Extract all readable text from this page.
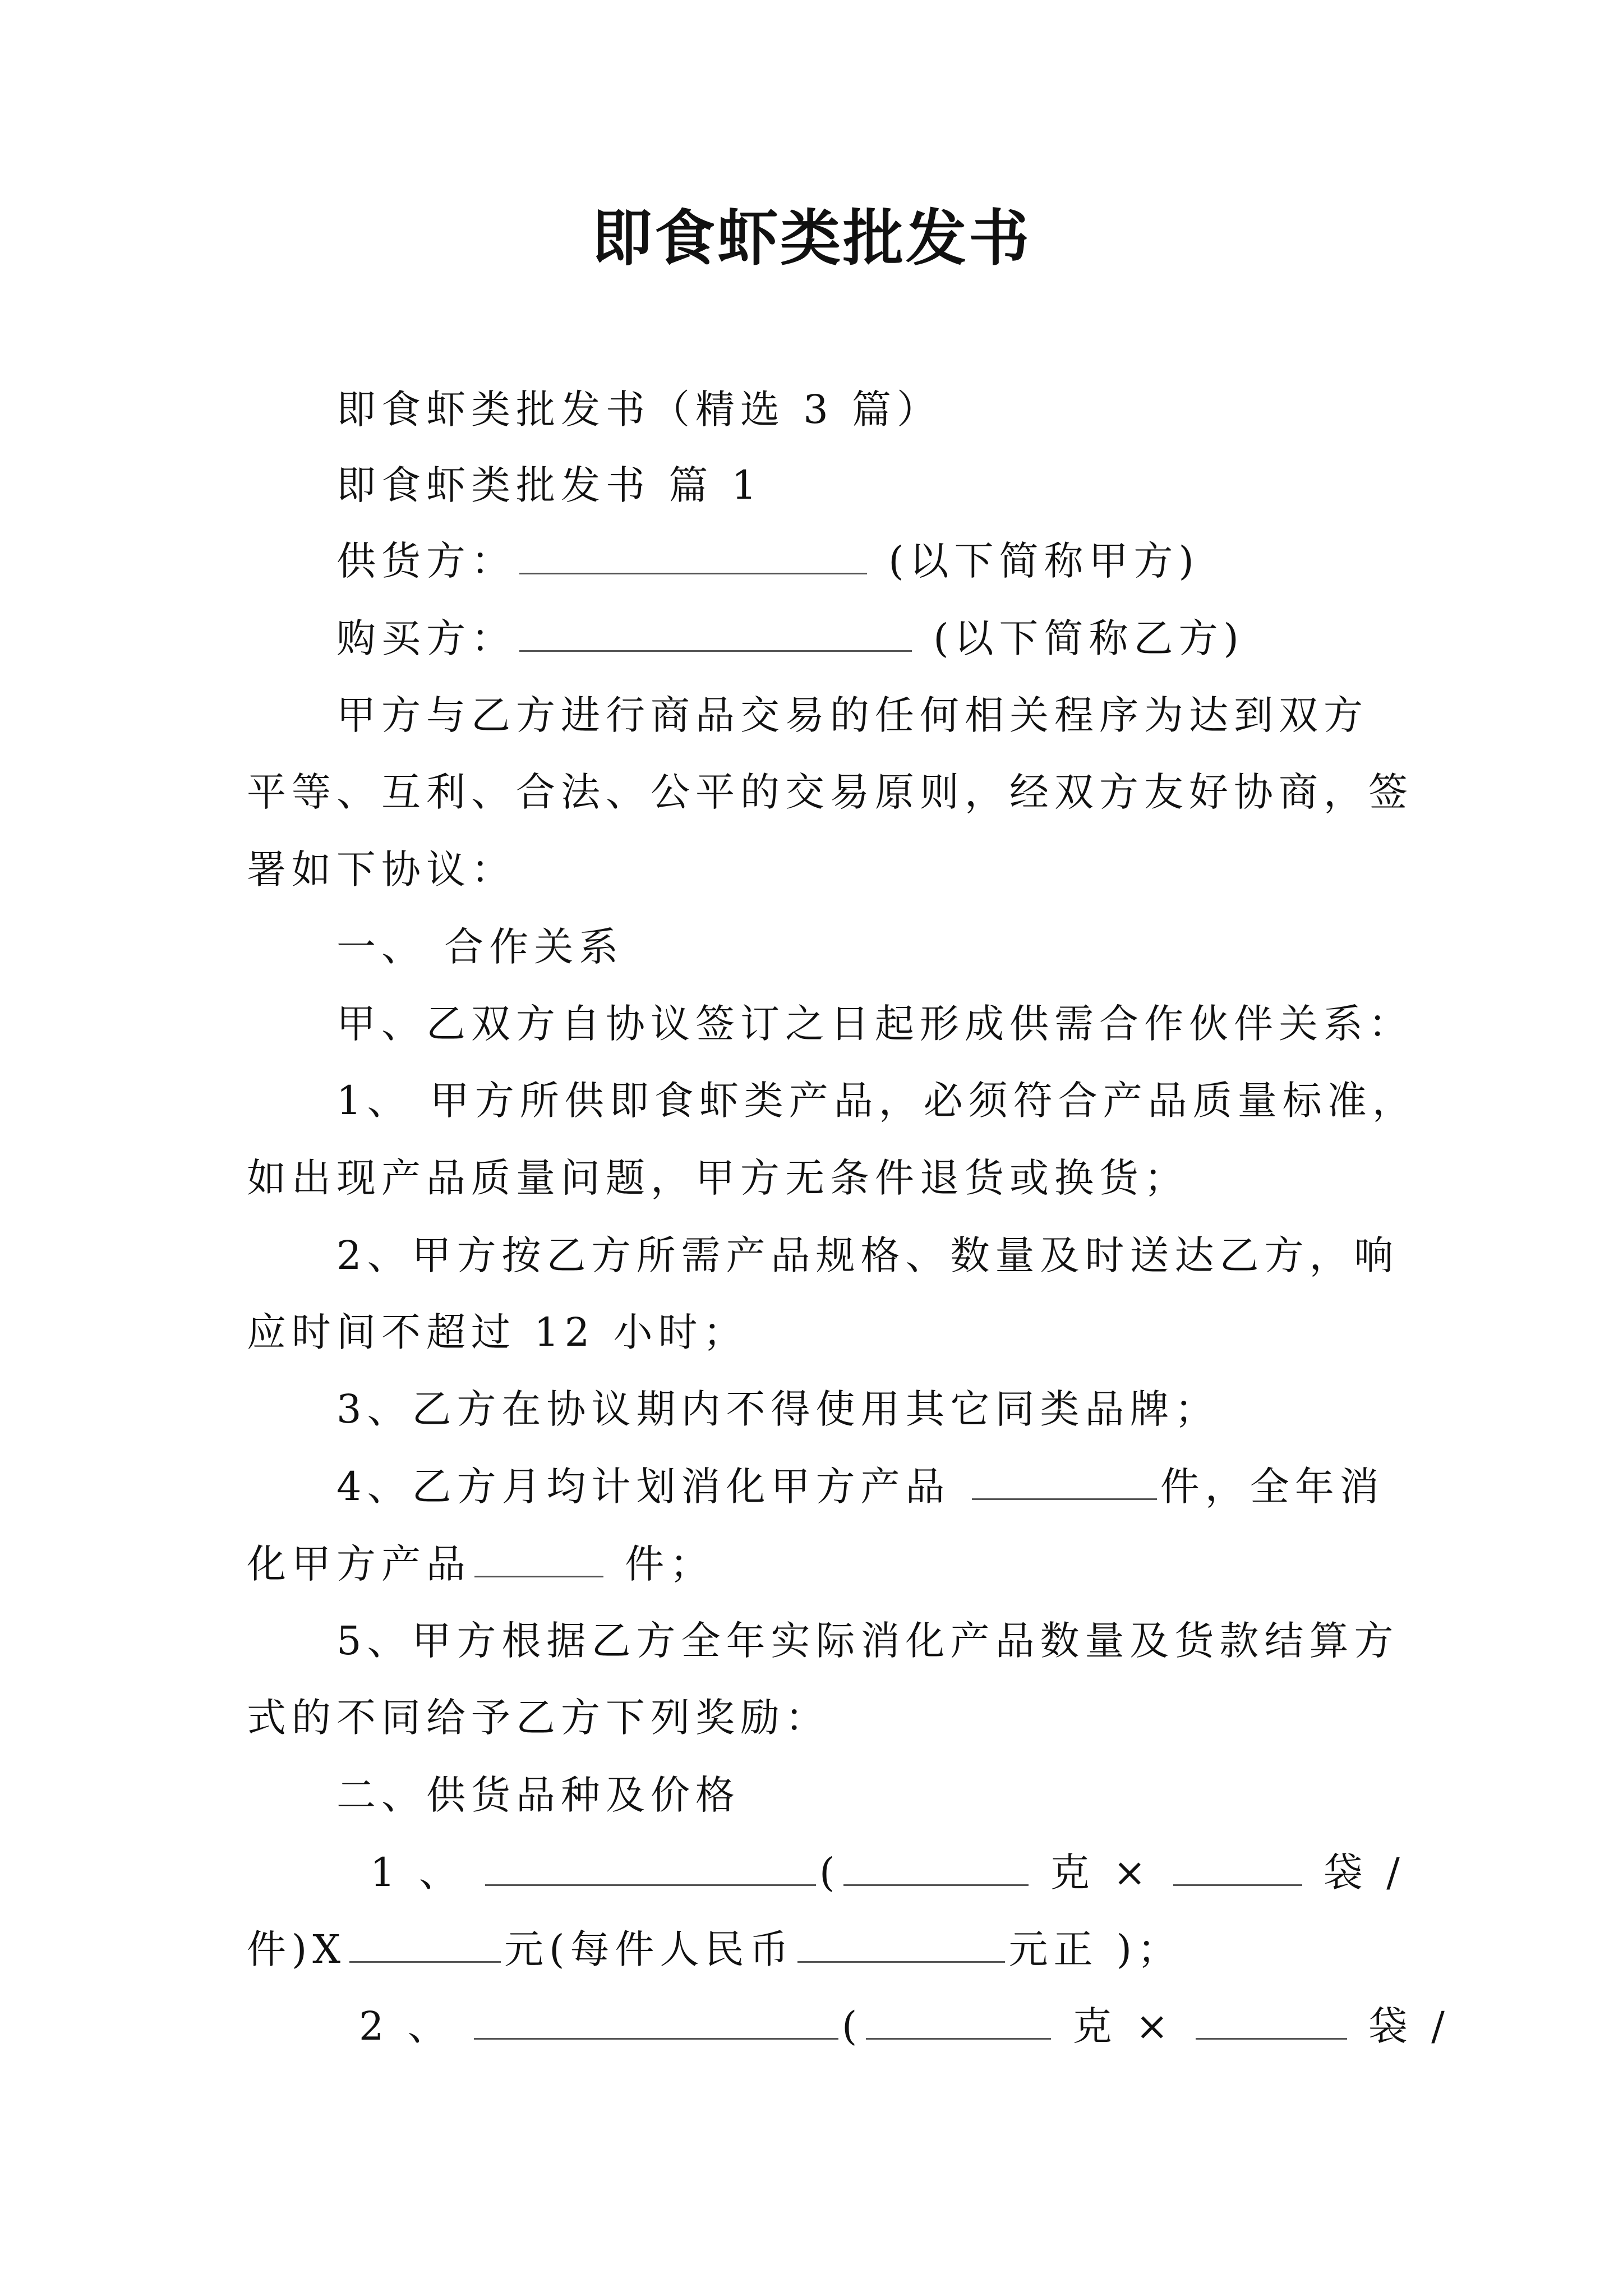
即食虾类批发书
即食虾类批发书（精选 3 篇）
即食虾类批发书 篇 1
供货方：	(以下简称甲方)
购买方：	(以下简称乙方)
甲方与乙方进行商品交易的任何相关程序为达到双方
平等、互利、合法、公平的交易原则，经双方友好协商，签
署如下协议：
一、 合作关系
甲、乙双方自协议签订之日起形成供需合作伙伴关系：
1、 甲方所供即食虾类产品，必须符合产品质量标准，
如出现产品质量问题，甲方无条件退货或换货；
2、甲方按乙方所需产品规格、数量及时送达乙方，响
应时间不超过 12 小时；
3、乙方在协议期内不得使用其它同类品牌；
4、乙方月均计划消化甲方产品	件，全年消
化甲方产品	件；
5、甲方根据乙方全年实际消化产品数量及货款结算方
式的不同给予乙方下列奖励：
二、供货品种及价格
1 、	(	克 ×	袋 /
件)X	元(每件人民币	元正 )；
2 、	(	克 ×	袋 /
